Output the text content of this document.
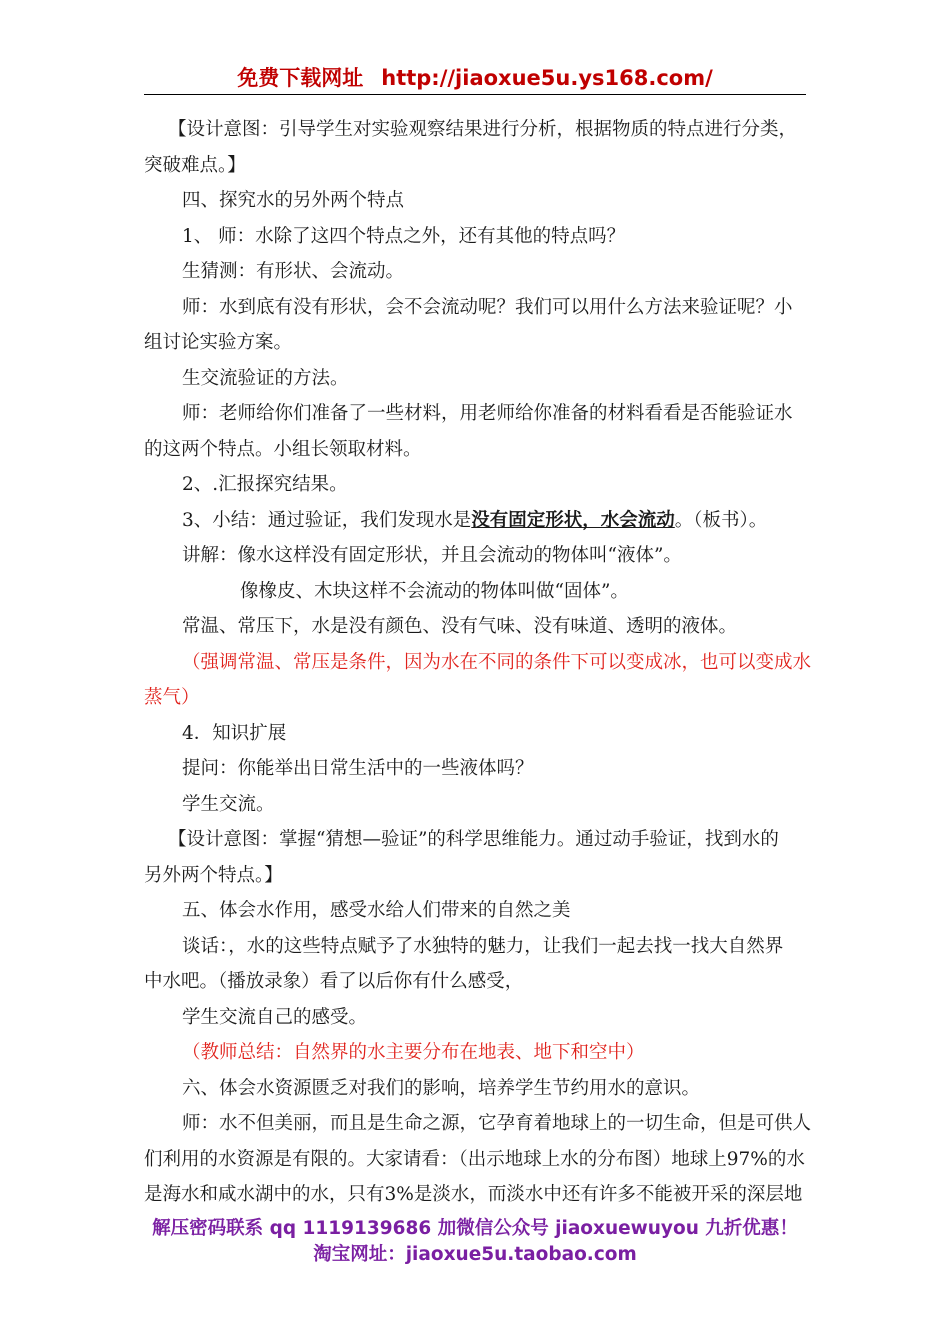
免费下载网址 http://jiaoxue5u.ys168.com/
【设计意图：引导学生对实验观察结果进行分析，根据物质的特点进行分类，
突破难点。】
四、探究水的另外两个特点
1、 师：水除了这四个特点之外，还有其他的特点吗？
生猜测：有形状、会流动。
师：水到底有没有形状，会不会流动呢？我们可以用什么方法来验证呢？小
组讨论实验方案。
生交流验证的方法。
师：老师给你们准备了一些材料，用老师给你准备的材料看看是否能验证水
的这两个特点。小组长领取材料。
2、.汇报探究结果。
3、小结：通过验证，我们发现水是没有固定形状，水会流动。（板书）。
讲解：像水这样没有固定形状，并且会流动的物体叫“液体”。
像橡皮、木块这样不会流动的物体叫做“固体”。
常温、常压下，水是没有颜色、没有气味、没有味道、透明的液体。
（强调常温、常压是条件，因为水在不同的条件下可以变成冰，也可以变成水
蒸气）
4．知识扩展
提问：你能举出日常生活中的一些液体吗？
学生交流。
【设计意图：掌握“猜想—验证”的科学思维能力。通过动手验证，找到水的
另外两个特点。】
五、体会水作用，感受水给人们带来的自然之美
谈话：，水的这些特点赋予了水独特的魅力，让我们一起去找一找大自然界
中水吧。（播放录象）看了以后你有什么感受，
学生交流自己的感受。
（教师总结：自然界的水主要分布在地表、地下和空中）
六、体会水资源匮乏对我们的影响，培养学生节约用水的意识。
师：水不但美丽，而且是生命之源，它孕育着地球上的一切生命，但是可供人
们利用的水资源是有限的。大家请看：（出示地球上水的分布图）地球上97%的水
是海水和咸水湖中的水，只有3%是淡水，而淡水中还有许多不能被开采的深层地
解压密码联系 qq 1119139686 加微信公众号 jiaoxuewuyou 九折优惠！
淘宝网址：jiaoxue5u.taobao.com
